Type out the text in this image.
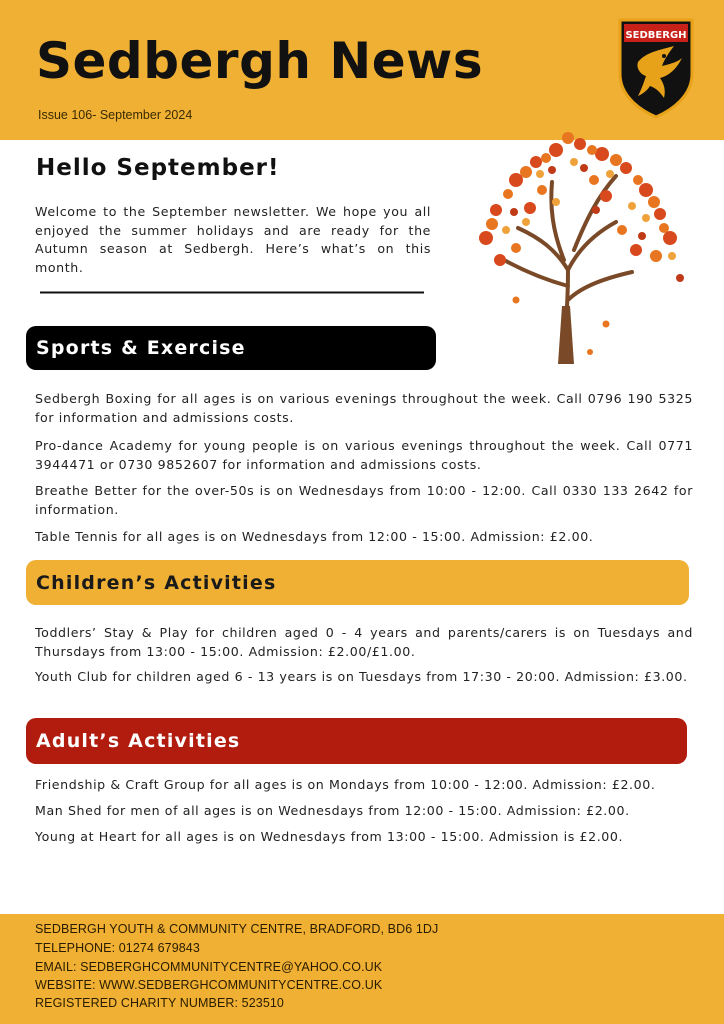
Sedbergh News
Issue 106- September 2024
SEDBERGH
Hello September!
Welcome to the September newsletter. We hope you all enjoyed the summer holidays and are ready for the Autumn season at Sedbergh. Here’s what’s on this month.
Sports & Exercise
Sedbergh Boxing for all ages is on various evenings throughout the week. Call 0796 190 5325 for information and admissions costs.
Pro-dance Academy for young people is on various evenings throughout the week. Call 0771 3944471 or 0730 9852607 for information and admissions costs.
Breathe Better for the over-50s is on Wednesdays from 10:00 - 12:00. Call 0330 133 2642 for information.
Table Tennis for all ages is on Wednesdays from 12:00 - 15:00. Admission: £2.00.
Children’s Activities
Toddlers’ Stay & Play for children aged 0 - 4 years and parents/carers is on Tuesdays and Thursdays from 13:00 - 15:00. Admission: £2.00/£1.00.
Youth Club for children aged 6 - 13 years is on Tuesdays from 17:30 - 20:00. Admission: £3.00.
Adult’s Activities
Friendship & Craft Group for all ages is on Mondays from 10:00 - 12:00. Admission: £2.00.
Man Shed for men of all ages is on Wednesdays from 12:00 - 15:00. Admission: £2.00.
Young at Heart for all ages is on Wednesdays from 13:00 - 15:00. Admission is £2.00.
SEDBERGH YOUTH & COMMUNITY CENTRE, BRADFORD, BD6 1DJ
TELEPHONE: 01274 679843
EMAIL: SEDBERGHCOMMUNITYCENTRE@YAHOO.CO.UK
WEBSITE: WWW.SEDBERGHCOMMUNITYCENTRE.CO.UK
REGISTERED CHARITY NUMBER: 523510
